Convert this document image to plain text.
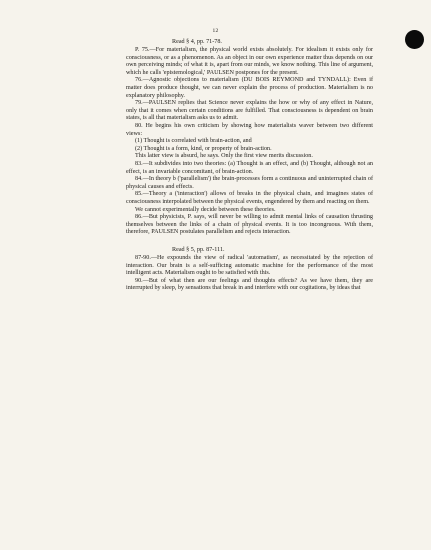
12

Read § 4, pp. 71-78.

P. 75.—For materialism, the physical world exists absolutely. For idealism it exists only for consciousness, or as a phenomenon. As an object in our own experience matter thus depends on our own perceiving minds; of what it is, apart from our minds, we know nothing. This line of argument, which he calls 'epistemological,' PAULSEN postpones for the present.

76.—Agnostic objections to materialism (DU BOIS REYMOND and TYNDALL): Even if matter does produce thought, we can never explain the process of production. Materialism is no explanatory philosophy.

79.—PAULSEN replies that Science never explains the how or why of any effect in Nature, only that it comes when certain conditions are fulfilled. That consciousness is dependent on brain states, is all that materialism asks us to admit.

80. He begins his own criticism by showing how materialists waver between two different views:

(1) Thought is correlated with brain-action, and

(2) Thought is a form, kind, or property of brain-action.

This latter view is absurd, he says. Only the first view merits discussion.

83.—It subdivides into two theories: (a) Thought is an effect, and (b) Thought, although not an effect, is an invariable concomitant, of brain-action.

84.—In theory b ('parallelism') the brain-processes form a continuous and uninterrupted chain of physical causes and effects.

85.—Theory a ('interaction') allows of breaks in the physical chain, and imagines states of consciousness interpolated between the physical events, engendered by them and reacting on them.

We cannot experimentally decide between these theories.

86.—But physicists, P. says, will never be willing to admit mental links of causation thrusting themselves between the links of a chain of physical events. It is too incongruous. With them, therefore, PAULSEN postulates parallelism and rejects interaction.

Read § 5, pp. 87-111.

87-90.—He expounds the view of radical 'automatism', as necessitated by the rejection of interaction. Our brain is a self-sufficing automatic machine for the performance of the most intelligent acts. Materialism ought to be satisfied with this.

90.—But of what then are our feelings and thoughts effects? As we have them, they are interrupted by sleep, by sensations that break in and interfere with our cogitations, by ideas that
